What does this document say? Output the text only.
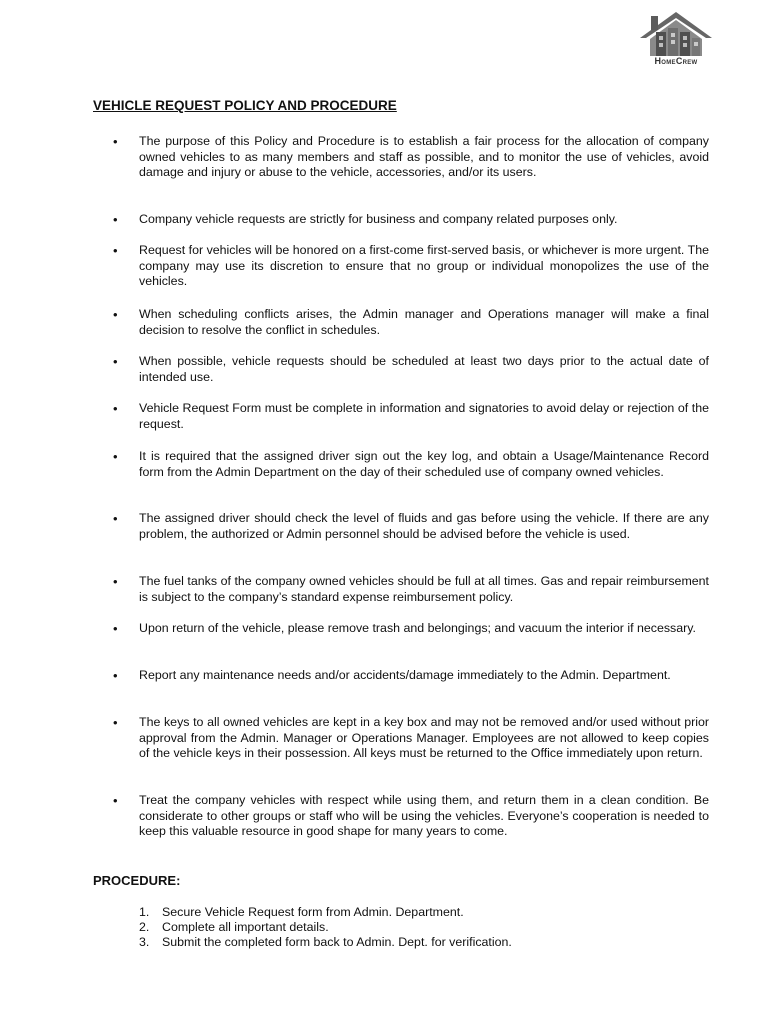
HomeCrew
VEHICLE REQUEST POLICY AND PROCEDURE
• The purpose of this Policy and Procedure is to establish a fair process for the allocation of company owned vehicles to as many members and staff as possible, and to monitor the use of vehicles, avoid damage and injury or abuse to the vehicle, accessories, and/or its users.
• Company vehicle requests are strictly for business and company related purposes only.
• Request for vehicles will be honored on a first-come first-served basis, or whichever is more urgent. The company may use its discretion to ensure that no group or individual monopolizes the use of the vehicles.
• When scheduling conflicts arises, the Admin manager and Operations manager will make a final decision to resolve the conflict in schedules.
• When possible, vehicle requests should be scheduled at least two days prior to the actual date of intended use.
• Vehicle Request Form must be complete in information and signatories to avoid delay or rejection of the request.
• It is required that the assigned driver sign out the key log, and obtain a Usage/Maintenance Record form from the Admin Department on the day of their scheduled use of company owned vehicles.
• The assigned driver should check the level of fluids and gas before using the vehicle. If there are any problem, the authorized or Admin personnel should be advised before the vehicle is used.
• The fuel tanks of the company owned vehicles should be full at all times. Gas and repair reimbursement is subject to the company’s standard expense reimbursement policy.
• Upon return of the vehicle, please remove trash and belongings; and vacuum the interior if necessary.
• Report any maintenance needs and/or accidents/damage immediately to the Admin. Department.
• The keys to all owned vehicles are kept in a key box and may not be removed and/or used without prior approval from the Admin. Manager or Operations Manager. Employees are not allowed to keep copies of the vehicle keys in their possession. All keys must be returned to the Office immediately upon return.
• Treat the company vehicles with respect while using them, and return them in a clean condition. Be considerate to other groups or staff who will be using the vehicles. Everyone’s cooperation is needed to keep this valuable resource in good shape for many years to come.
PROCEDURE:
1. Secure Vehicle Request form from Admin. Department.
2. Complete all important details.
3. Submit the completed form back to Admin. Dept. for verification.
